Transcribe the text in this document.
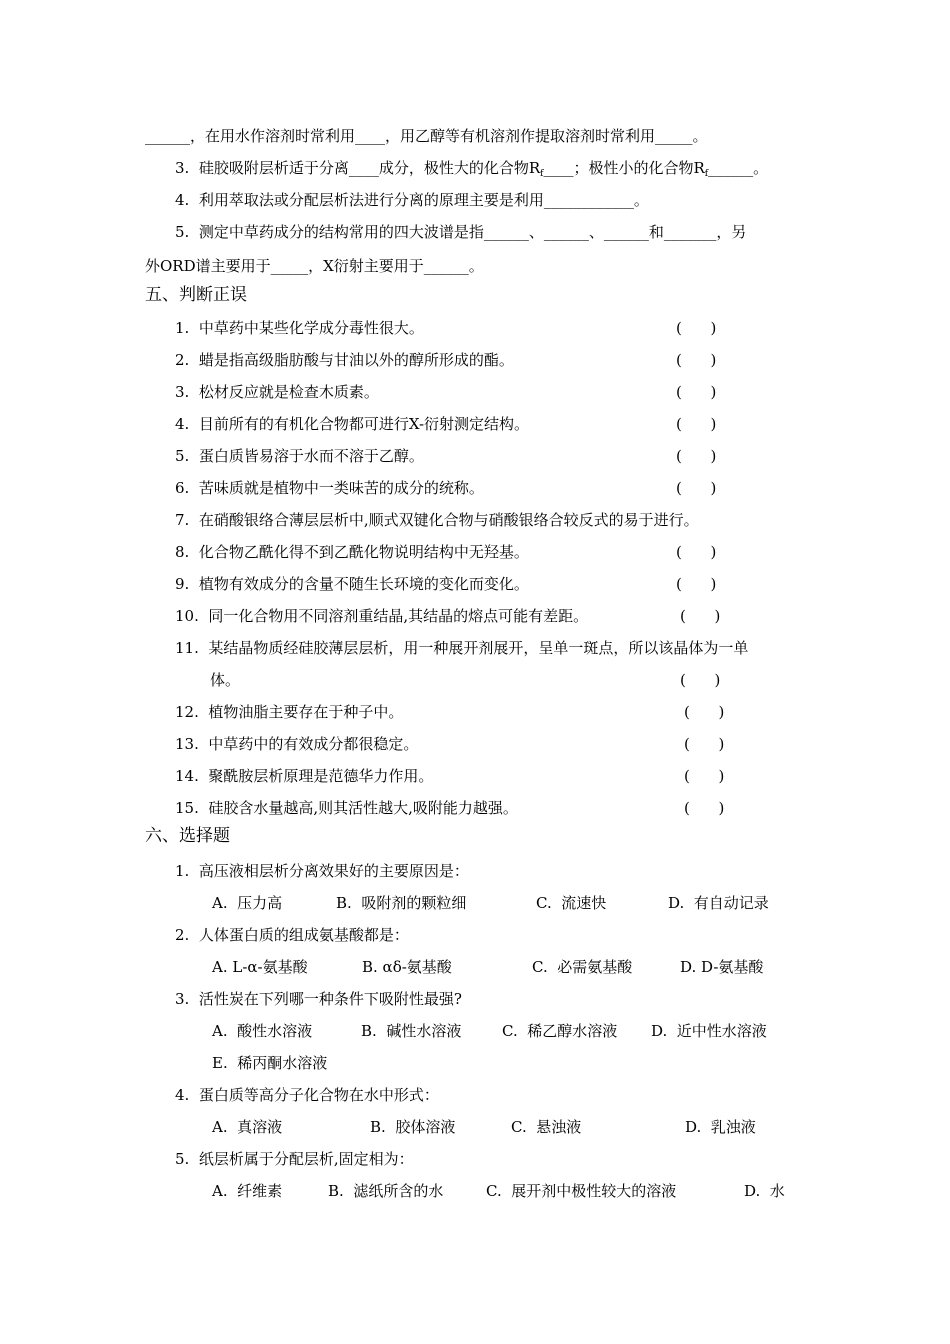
______，在用水作溶剂时常利用____，用乙醇等有机溶剂作提取溶剂时常利用_____。
3.  硅胶吸附层析适于分离____成分，极性大的化合物$R_f\_\_\_\_$；极性小的化合物$R_f\_\_\_\_\_\_$。
4.  利用萃取法或分配层析法进行分离的原理主要是利用____________。
5.  测定中草药成分的结构常用的四大波谱是指______、______、______和_______，另
外ORD谱主要用于_____，X衍射主要用于______。
五、判断正误
1.  中草药中某些化学成分毒性很大。	(      )
2.  蜡是指高级脂肪酸与甘油以外的醇所形成的酯。	(      )
3.  松材反应就是检查木质素。	(      )
4.  目前所有的有机化合物都可进行X-衍射测定结构。	(      )
5.  蛋白质皆易溶于水而不溶于乙醇。	(      )
6.  苦味质就是植物中一类味苦的成分的统称。	(      )
7.  在硝酸银络合薄层层析中,顺式双键化合物与硝酸银络合较反式的易于进行。
8.  化合物乙酰化得不到乙酰化物说明结构中无羟基。	(      )
9.  植物有效成分的含量不随生长环境的变化而变化。	(      )
10.  同一化合物用不同溶剂重结晶,其结晶的熔点可能有差距。	(      )
11.  某结晶物质经硅胶薄层层析，用一种展开剂展开，呈单一斑点，所以该晶体为一单
体。	(      )
12.  植物油脂主要存在于种子中。	(      )
13.  中草药中的有效成分都很稳定。	(      )
14.  聚酰胺层析原理是范德华力作用。	(      )
15.  硅胶含水量越高,则其活性越大,吸附能力越强。	(      )
六、选择题
1.  高压液相层析分离效果好的主要原因是：
A.  压力高	B.  吸附剂的颗粒细	C.  流速快	D.  有自动记录
2.  人体蛋白质的组成氨基酸都是：
A. L-α-氨基酸	B. αδ-氨基酸	C.  必需氨基酸	D. D-氨基酸
3.  活性炭在下列哪一种条件下吸附性最强?
A.  酸性水溶液	B.  碱性水溶液	C.  稀乙醇水溶液 D.  近中性水溶液
E.  稀丙酮水溶液
4.  蛋白质等高分子化合物在水中形式：
A.  真溶液	B.  胶体溶液	C.  悬浊液	D.  乳浊液
5.  纸层析属于分配层析,固定相为：
A.  纤维素	B.  滤纸所含的水	C.  展开剂中极性较大的溶液	D.  水
